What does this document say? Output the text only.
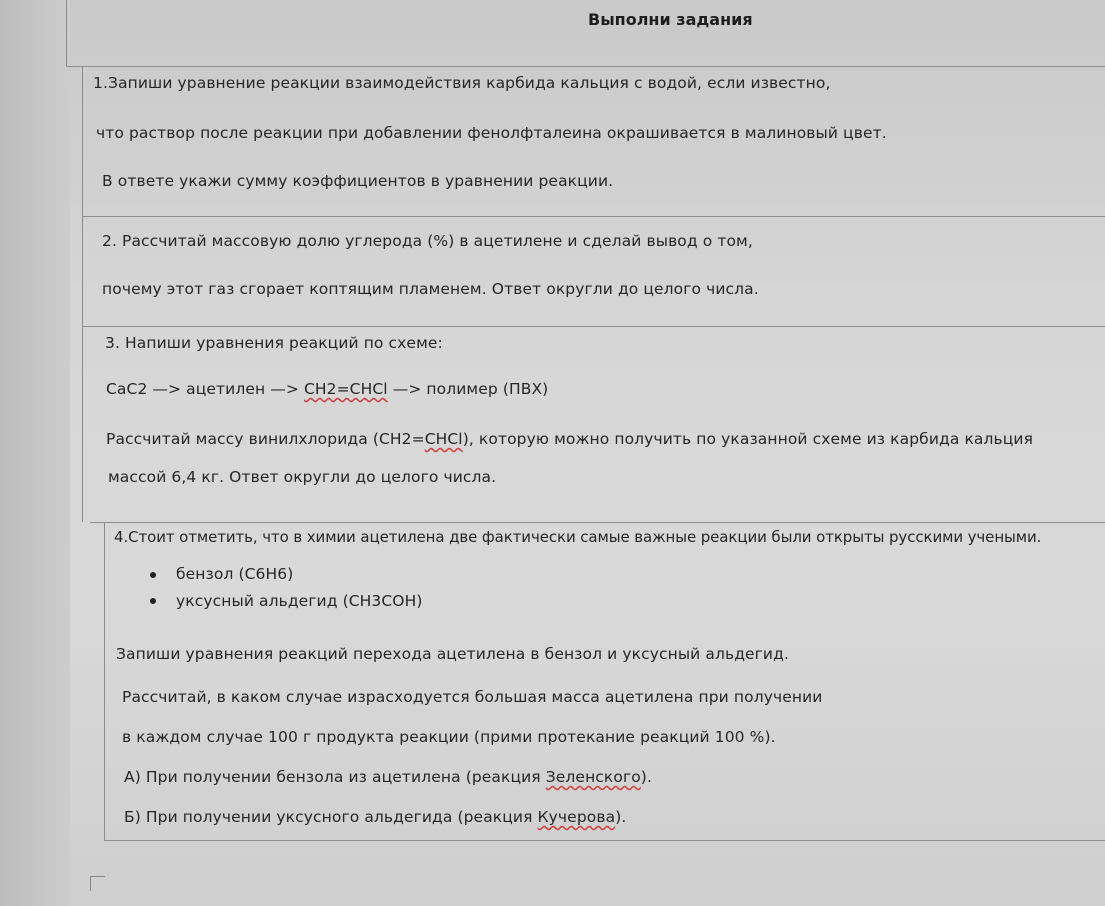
Выполни задания
1.Запиши уравнение реакции взаимодействия карбида кальция с водой, если известно,
что раствор после реакции при добавлении фенолфталеина окрашивается в малиновый цвет.
В ответе укажи сумму коэффициентов в уравнении реакции.
2. Рассчитай массовую долю углерода (%) в ацетилене и сделай вывод о том,
почему этот газ сгорает коптящим пламенем. Ответ округли до целого числа.
3. Напиши уравнения реакций по схеме:
CaC2 —> ацетилен —> CH2=CHCl —> полимер (ПВХ)
Рассчитай массу винилхлорида (CH2=CHCl), которую можно получить по указанной схеме из карбида кальция
массой 6,4 кг. Ответ округли до целого числа.
4.Стоит отметить, что в химии ацетилена две фактически самые важные реакции были открыты русскими учеными.
бензол (C6H6)
уксусный альдегид (CH3COH)
Запиши уравнения реакций перехода ацетилена в бензол и уксусный альдегид.
Рассчитай, в каком случае израсходуется большая масса ацетилена при получении
в каждом случае 100 г продукта реакции (прими протекание реакций 100 %).
А) При получении бензола из ацетилена (реакция Зеленского).
Б) При получении уксусного альдегида (реакция Кучерова).
